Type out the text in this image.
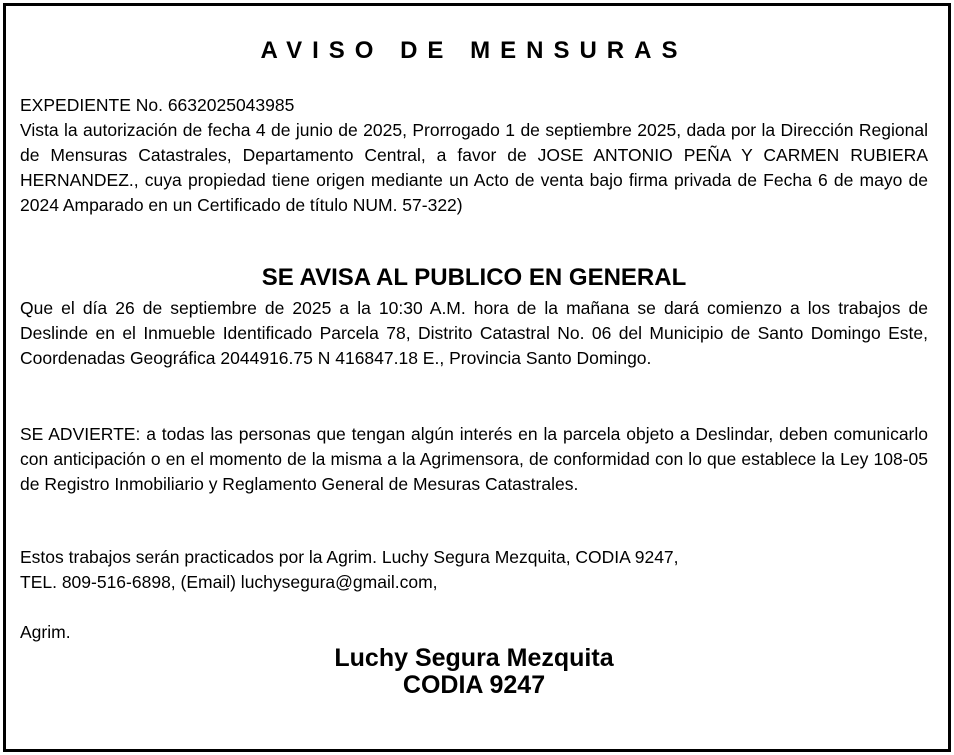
AVISO DE MENSURAS

EXPEDIENTE No. 6632025043985

Vista la autorización de fecha 4 de junio de 2025, Prorrogado 1 de septiembre 2025, dada por la Dirección Regional de Mensuras Catastrales, Departamento Central, a favor de JOSE ANTONIO PEÑA Y CARMEN RUBIERA HERNANDEZ., cuya propiedad tiene origen mediante un Acto de venta bajo firma privada de Fecha 6 de mayo de 2024 Amparado en un Certificado de título NUM. 57-322)

SE AVISA AL PUBLICO EN GENERAL

Que el día 26 de septiembre de 2025 a la 10:30 A.M. hora de la mañana se dará comienzo a los trabajos de Deslinde en el Inmueble Identificado Parcela 78, Distrito Catastral No. 06 del Municipio de Santo Domingo Este, Coordenadas Geográfica 2044916.75 N 416847.18 E., Provincia Santo Domingo.

SE ADVIERTE: a todas las personas que tengan algún interés en la parcela objeto a Deslindar, deben comunicarlo con anticipación o en el momento de la misma a la Agrimensora, de conformidad con lo que establece la Ley 108-05 de Registro Inmobiliario y Reglamento General de Mesuras Catastrales.

Estos trabajos serán practicados por la Agrim. Luchy Segura Mezquita, CODIA 9247,

TEL. 809-516-6898, (Email) luchysegura@gmail.com,

Agrim.

Luchy Segura Mezquita
CODIA 9247
